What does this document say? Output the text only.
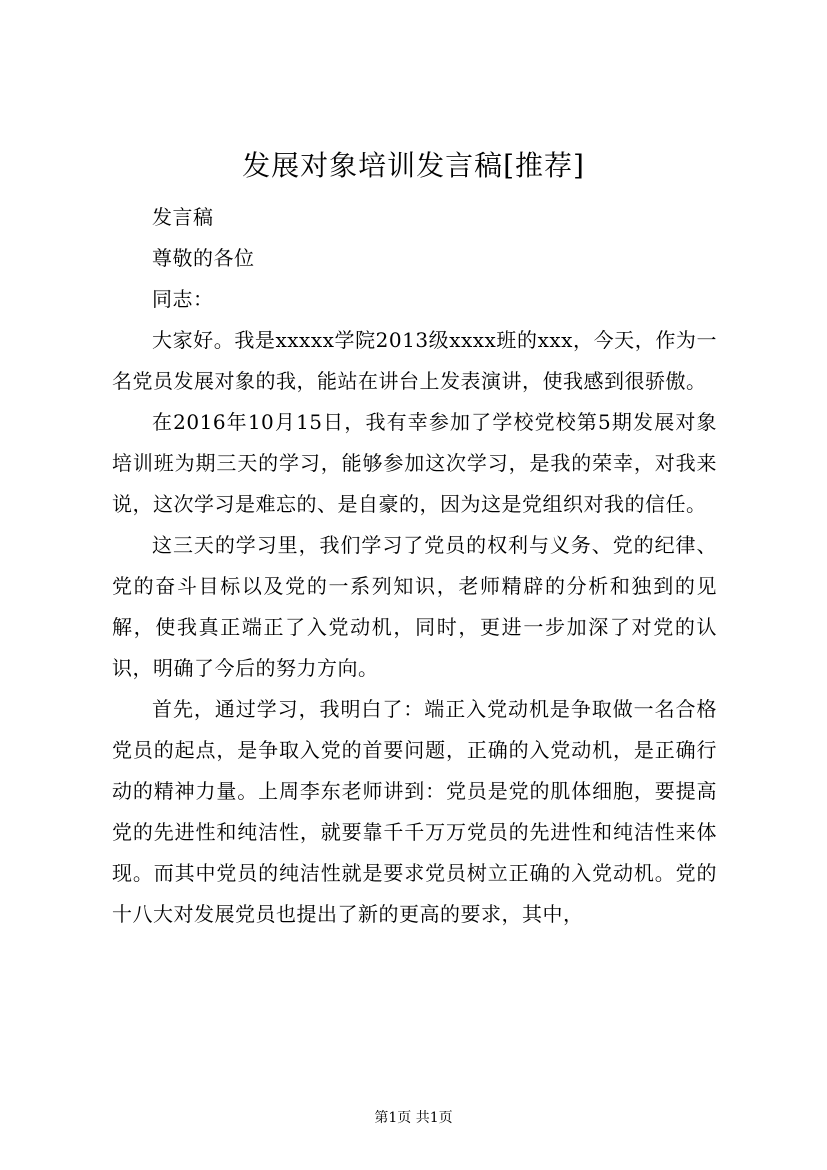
发展对象培训发言稿[推荐]

发言稿

尊敬的各位

同志：

大家好。我是xxxxx学院2013级xxxx班的xxx，今天，作为一名党员发展对象的我，能站在讲台上发表演讲，使我感到很骄傲。

在2016年10月15日，我有幸参加了学校党校第5期发展对象培训班为期三天的学习，能够参加这次学习，是我的荣幸，对我来说，这次学习是难忘的、是自豪的，因为这是党组织对我的信任。

这三天的学习里，我们学习了党员的权利与义务、党的纪律、党的奋斗目标以及党的一系列知识，老师精辟的分析和独到的见解，使我真正端正了入党动机，同时，更进一步加深了对党的认识，明确了今后的努力方向。

首先，通过学习，我明白了：端正入党动机是争取做一名合格党员的起点，是争取入党的首要问题，正确的入党动机，是正确行动的精神力量。上周李东老师讲到：党员是党的肌体细胞，要提高党的先进性和纯洁性，就要靠千千万万党员的先进性和纯洁性来体现。而其中党员的纯洁性就是要求党员树立正确的入党动机。党的十八大对发展党员也提出了新的更高的要求，其中，

第1页 共1页
